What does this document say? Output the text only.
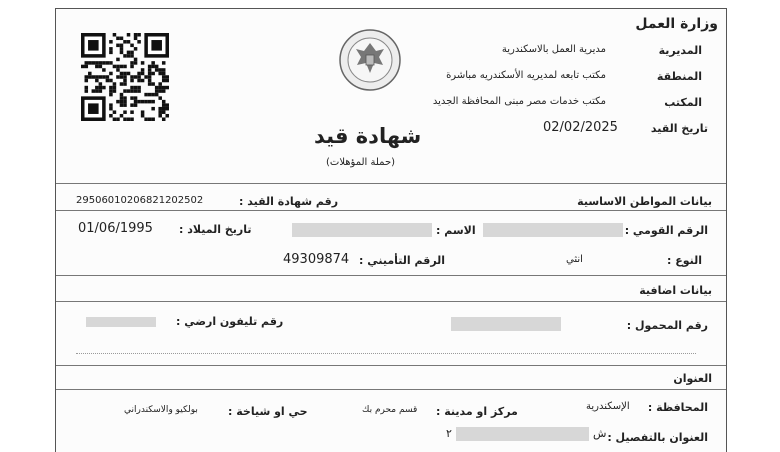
وزارة العمل
المديرية
مديرية العمل بالاسكندرية
المنطقة
مكتب تابعه لمديريه الأسكندريه مباشرة
المكتب
مكتب خدمات مصر مبنى المحافظة الجديد
تاريخ القيد
02/02/2025
شهادة قيد
(حملة المؤهلات)
رقم شهادة القيد :
29506010206821202502	بيانات المواطن الاساسية
الرقم القومي :
الاسم :
تاريخ الميلاد :
01/06/1995
النوع :
انثي
الرقم التأميني :
49309874
بيانات اضافية
رقم المحمول :
رقم تليفون ارضي :
العنوان
المحافظة :
الإسكندرية
مركز او مدينة :
قسم محرم بك
حي او شياخة :
بولكيو والاسكندراني
العنوان بالتفصيل :
ش
٢
